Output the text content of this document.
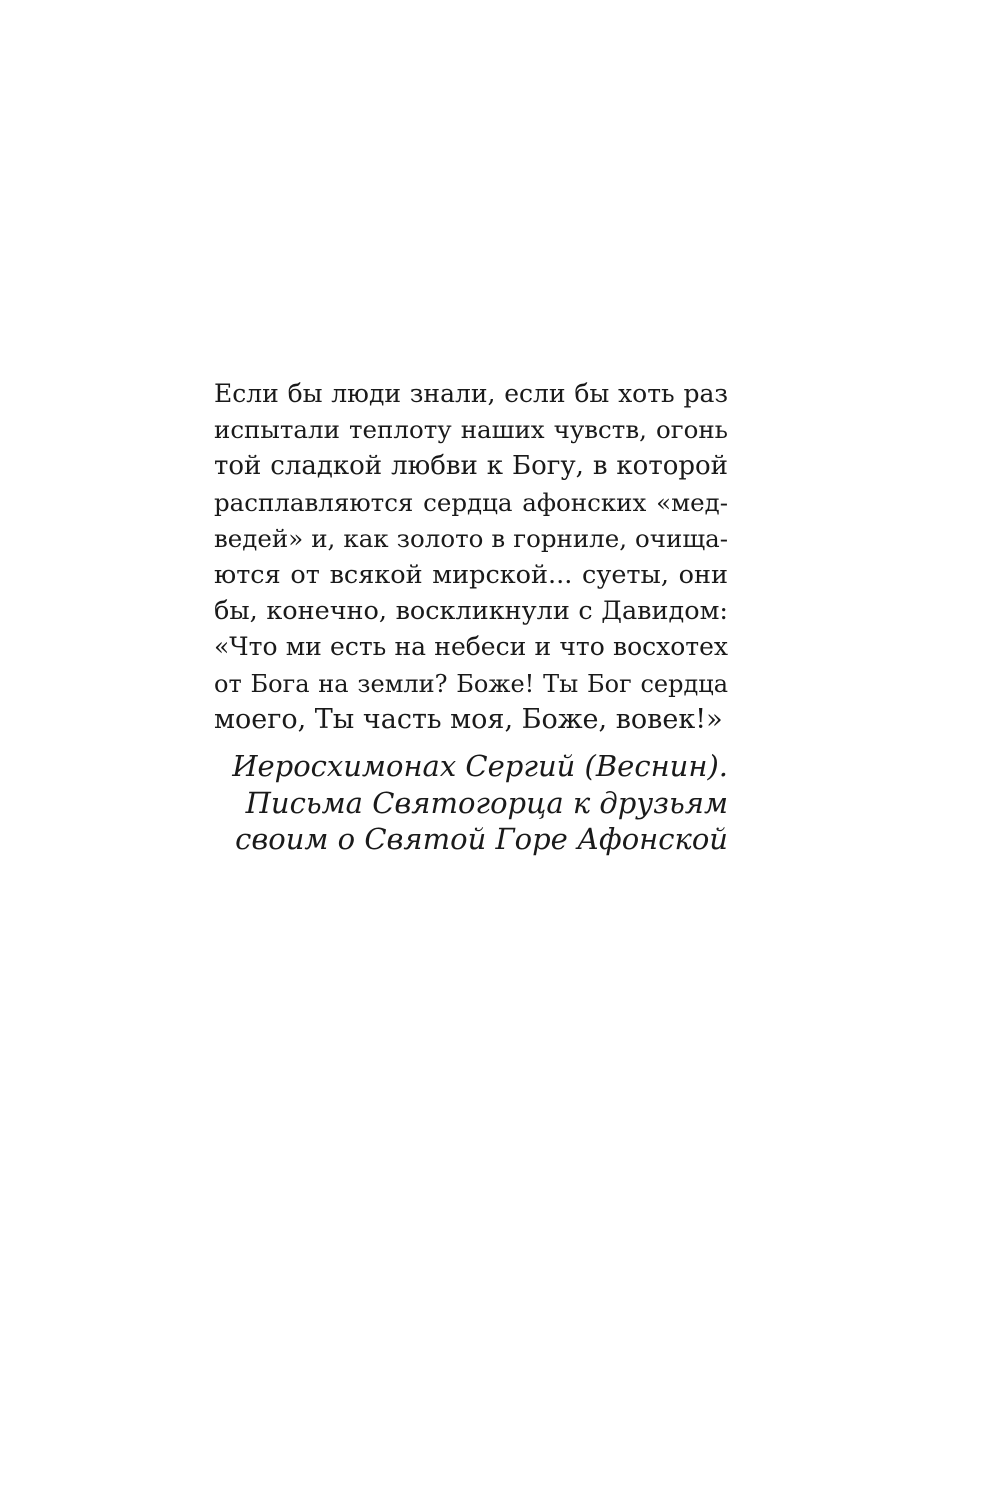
Если бы люди знали, если бы хоть раз
испытали теплоту наших чувств, огонь
той сладкой любви к Богу, в которой
расплавляются сердца афонских «мед-
ведей» и, как золото в горниле, очища-
ются от всякой мирской... суеты, они
бы, конечно, воскликнули с Давидом:
«Что ми есть на небеси и что восхотех
от Бога на земли? Боже! Ты Бог сердца
моего, Ты часть моя, Боже, вовек!»
Иеросхимонах Сергий (Веснин).
Письма Святогорца к друзьям
своим о Святой Горе Афонской
